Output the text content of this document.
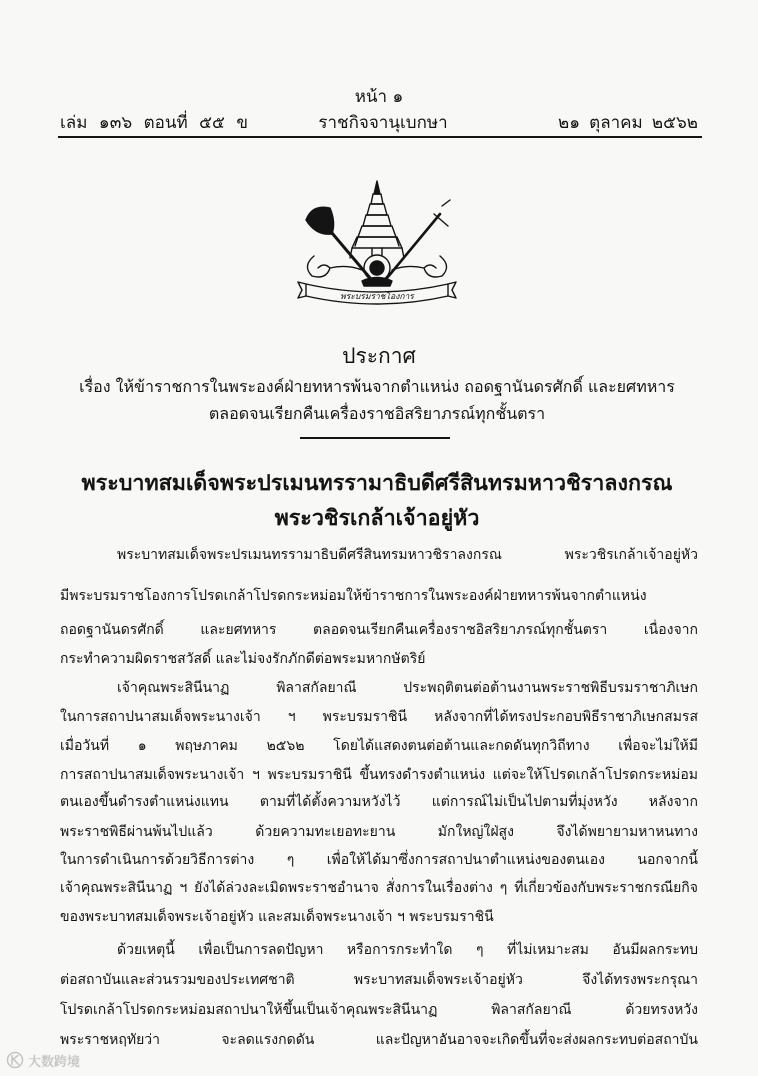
หน้า ๑
เล่ม ๑๓๖ ตอนที่ ๕๕ ข	ราชกิจจานุเบกษา	๒๑ ตุลาคม ๒๕๖๒
พระบรมราชโองการ
ประกาศ
เรื่อง ให้ข้าราชการในพระองค์ฝ่ายทหารพ้นจากตำแหน่ง ถอดฐานันดรศักดิ์ และยศทหาร
ตลอดจนเรียกคืนเครื่องราชอิสริยาภรณ์ทุกชั้นตรา
พระบาทสมเด็จพระปรเมนทรรามาธิบดีศรีสินทรมหาวชิราลงกรณ
พระวชิรเกล้าเจ้าอยู่หัว
พระบาทสมเด็จพระปรเมนทรรามาธิบดีศรีสินทรมหาวชิราลงกรณ พระวชิรเกล้าเจ้าอยู่หัว
มีพระบรมราชโองการโปรดเกล้าโปรดกระหม่อมให้ข้าราชการในพระองค์ฝ่ายทหารพ้นจากตำแหน่ง
ถอดฐานันดรศักดิ์ และยศทหาร ตลอดจนเรียกคืนเครื่องราชอิสริยาภรณ์ทุกชั้นตรา เนื่องจาก
กระทำความผิดราชสวัสดิ์ และไม่จงรักภักดีต่อพระมหากษัตริย์
เจ้าคุณพระสินีนาฏ พิลาสกัลยาณี ประพฤติตนต่อต้านงานพระราชพิธีบรมราชาภิเษก
ในการสถาปนาสมเด็จพระนางเจ้า ฯ พระบรมราชินี หลังจากที่ได้ทรงประกอบพิธีราชาภิเษกสมรส
เมื่อวันที่ ๑ พฤษภาคม ๒๕๖๒ โดยได้แสดงตนต่อต้านและกดดันทุกวิถีทาง เพื่อจะไม่ให้มี
การสถาปนาสมเด็จพระนางเจ้า ฯ พระบรมราชินี ขึ้นทรงดำรงตำแหน่ง แต่จะให้โปรดเกล้าโปรดกระหม่อม
ตนเองขึ้นดำรงตำแหน่งแทน ตามที่ได้ตั้งความหวังไว้ แต่การณ์ไม่เป็นไปตามที่มุ่งหวัง หลังจาก
พระราชพิธีผ่านพ้นไปแล้ว ด้วยความทะเยอทะยาน มักใหญ่ใฝ่สูง จึงได้พยายามหาหนทาง
ในการดำเนินการด้วยวิธีการต่าง ๆ เพื่อให้ได้มาซึ่งการสถาปนาตำแหน่งของตนเอง นอกจากนี้
เจ้าคุณพระสินีนาฏ ฯ ยังได้ล่วงละเมิดพระราชอำนาจ สั่งการในเรื่องต่าง ๆ ที่เกี่ยวข้องกับพระราชกรณียกิจ
ของพระบาทสมเด็จพระเจ้าอยู่หัว และสมเด็จพระนางเจ้า ฯ พระบรมราชินี
ด้วยเหตุนี้ เพื่อเป็นการลดปัญหา หรือการกระทำใด ๆ ที่ไม่เหมาะสม อันมีผลกระทบ
ต่อสถาบันและส่วนรวมของประเทศชาติ พระบาทสมเด็จพระเจ้าอยู่หัว จึงได้ทรงพระกรุณา
โปรดเกล้าโปรดกระหม่อมสถาปนาให้ขึ้นเป็นเจ้าคุณพระสินีนาฏ พิลาสกัลยาณี ด้วยทรงหวัง
พระราชหฤทัยว่า จะลดแรงกดดัน และปัญหาอันอาจจะเกิดขึ้นที่จะส่งผลกระทบต่อสถาบัน
大数跨境
